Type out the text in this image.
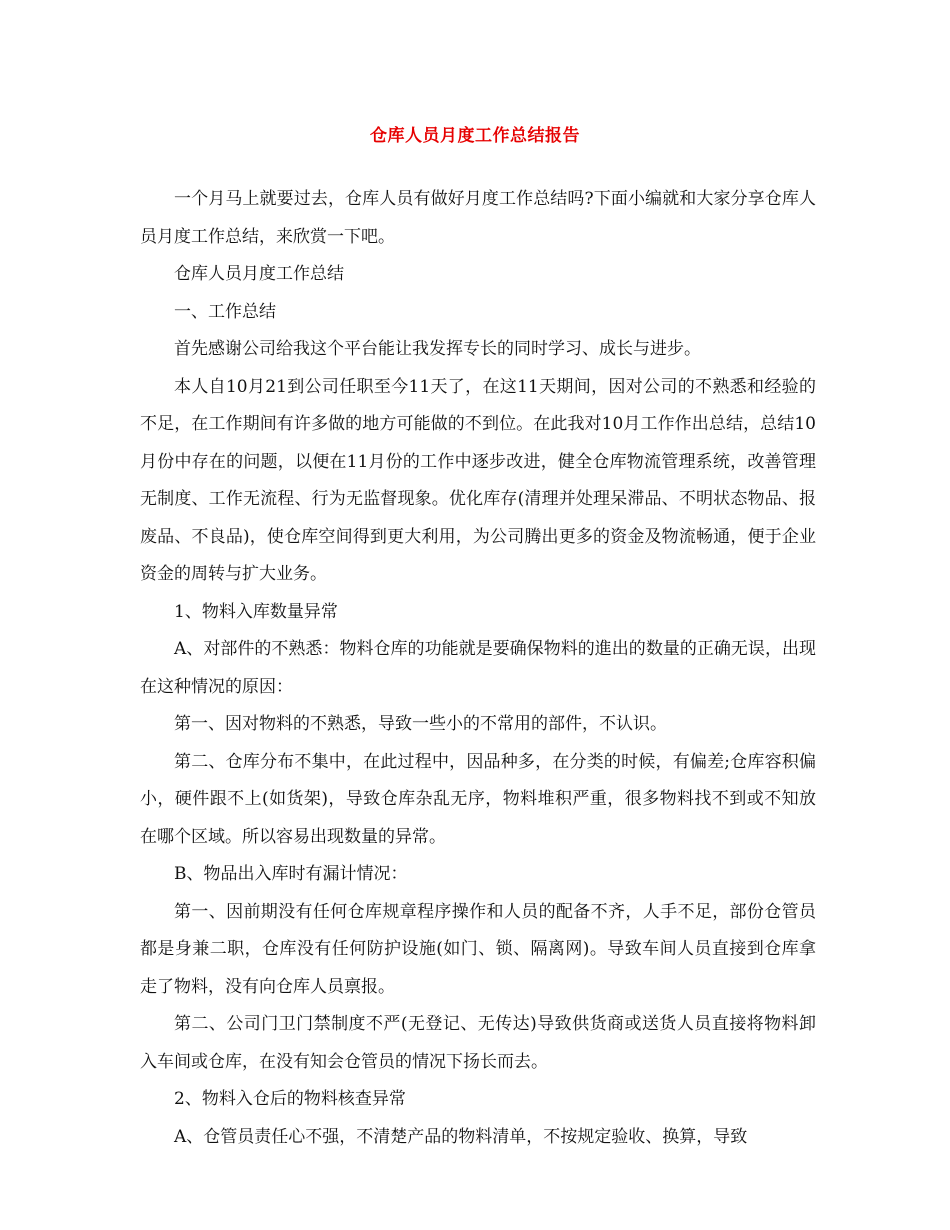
仓库人员月度工作总结报告

一个月马上就要过去，仓库人员有做好月度工作总结吗?下面小编就和大家分享仓库人员月度工作总结，来欣赏一下吧。

仓库人员月度工作总结

一、工作总结

首先感谢公司给我这个平台能让我发挥专长的同时学习、成长与进步。

本人自10月21到公司任职至今11天了，在这11天期间，因对公司的不熟悉和经验的不足，在工作期间有许多做的地方可能做的不到位。在此我对10月工作作出总结，总结10月份中存在的问题，以便在11月份的工作中逐步改进，健全仓库物流管理系统，改善管理无制度、工作无流程、行为无监督现象。优化库存(清理并处理呆滞品、不明状态物品、报废品、不良品)，使仓库空间得到更大利用，为公司腾出更多的资金及物流畅通，便于企业资金的周转与扩大业务。

1、物料入库数量异常

A、对部件的不熟悉：物料仓库的功能就是要确保物料的進出的数量的正确无误，出现在这种情况的原因：

第一、因对物料的不熟悉，导致一些小的不常用的部件，不认识。

第二、仓库分布不集中，在此过程中，因品种多，在分类的时候，有偏差;仓库容积偏小，硬件跟不上(如货架)，导致仓库杂乱无序，物料堆积严重，很多物料找不到或不知放在哪个区域。所以容易出现数量的异常。

B、物品出入库时有漏计情况：

第一、因前期没有任何仓库规章程序操作和人员的配备不齐，人手不足，部份仓管员都是身兼二职，仓库没有任何防护设施(如门、锁、隔离网)。导致车间人员直接到仓库拿走了物料，没有向仓库人员禀报。

第二、公司门卫门禁制度不严(无登记、无传达)导致供货商或送货人员直接将物料卸入车间或仓库，在没有知会仓管员的情况下扬长而去。

2、物料入仓后的物料核查异常

A、仓管员责任心不强，不清楚产品的物料清单，不按规定验收、换算，导致
